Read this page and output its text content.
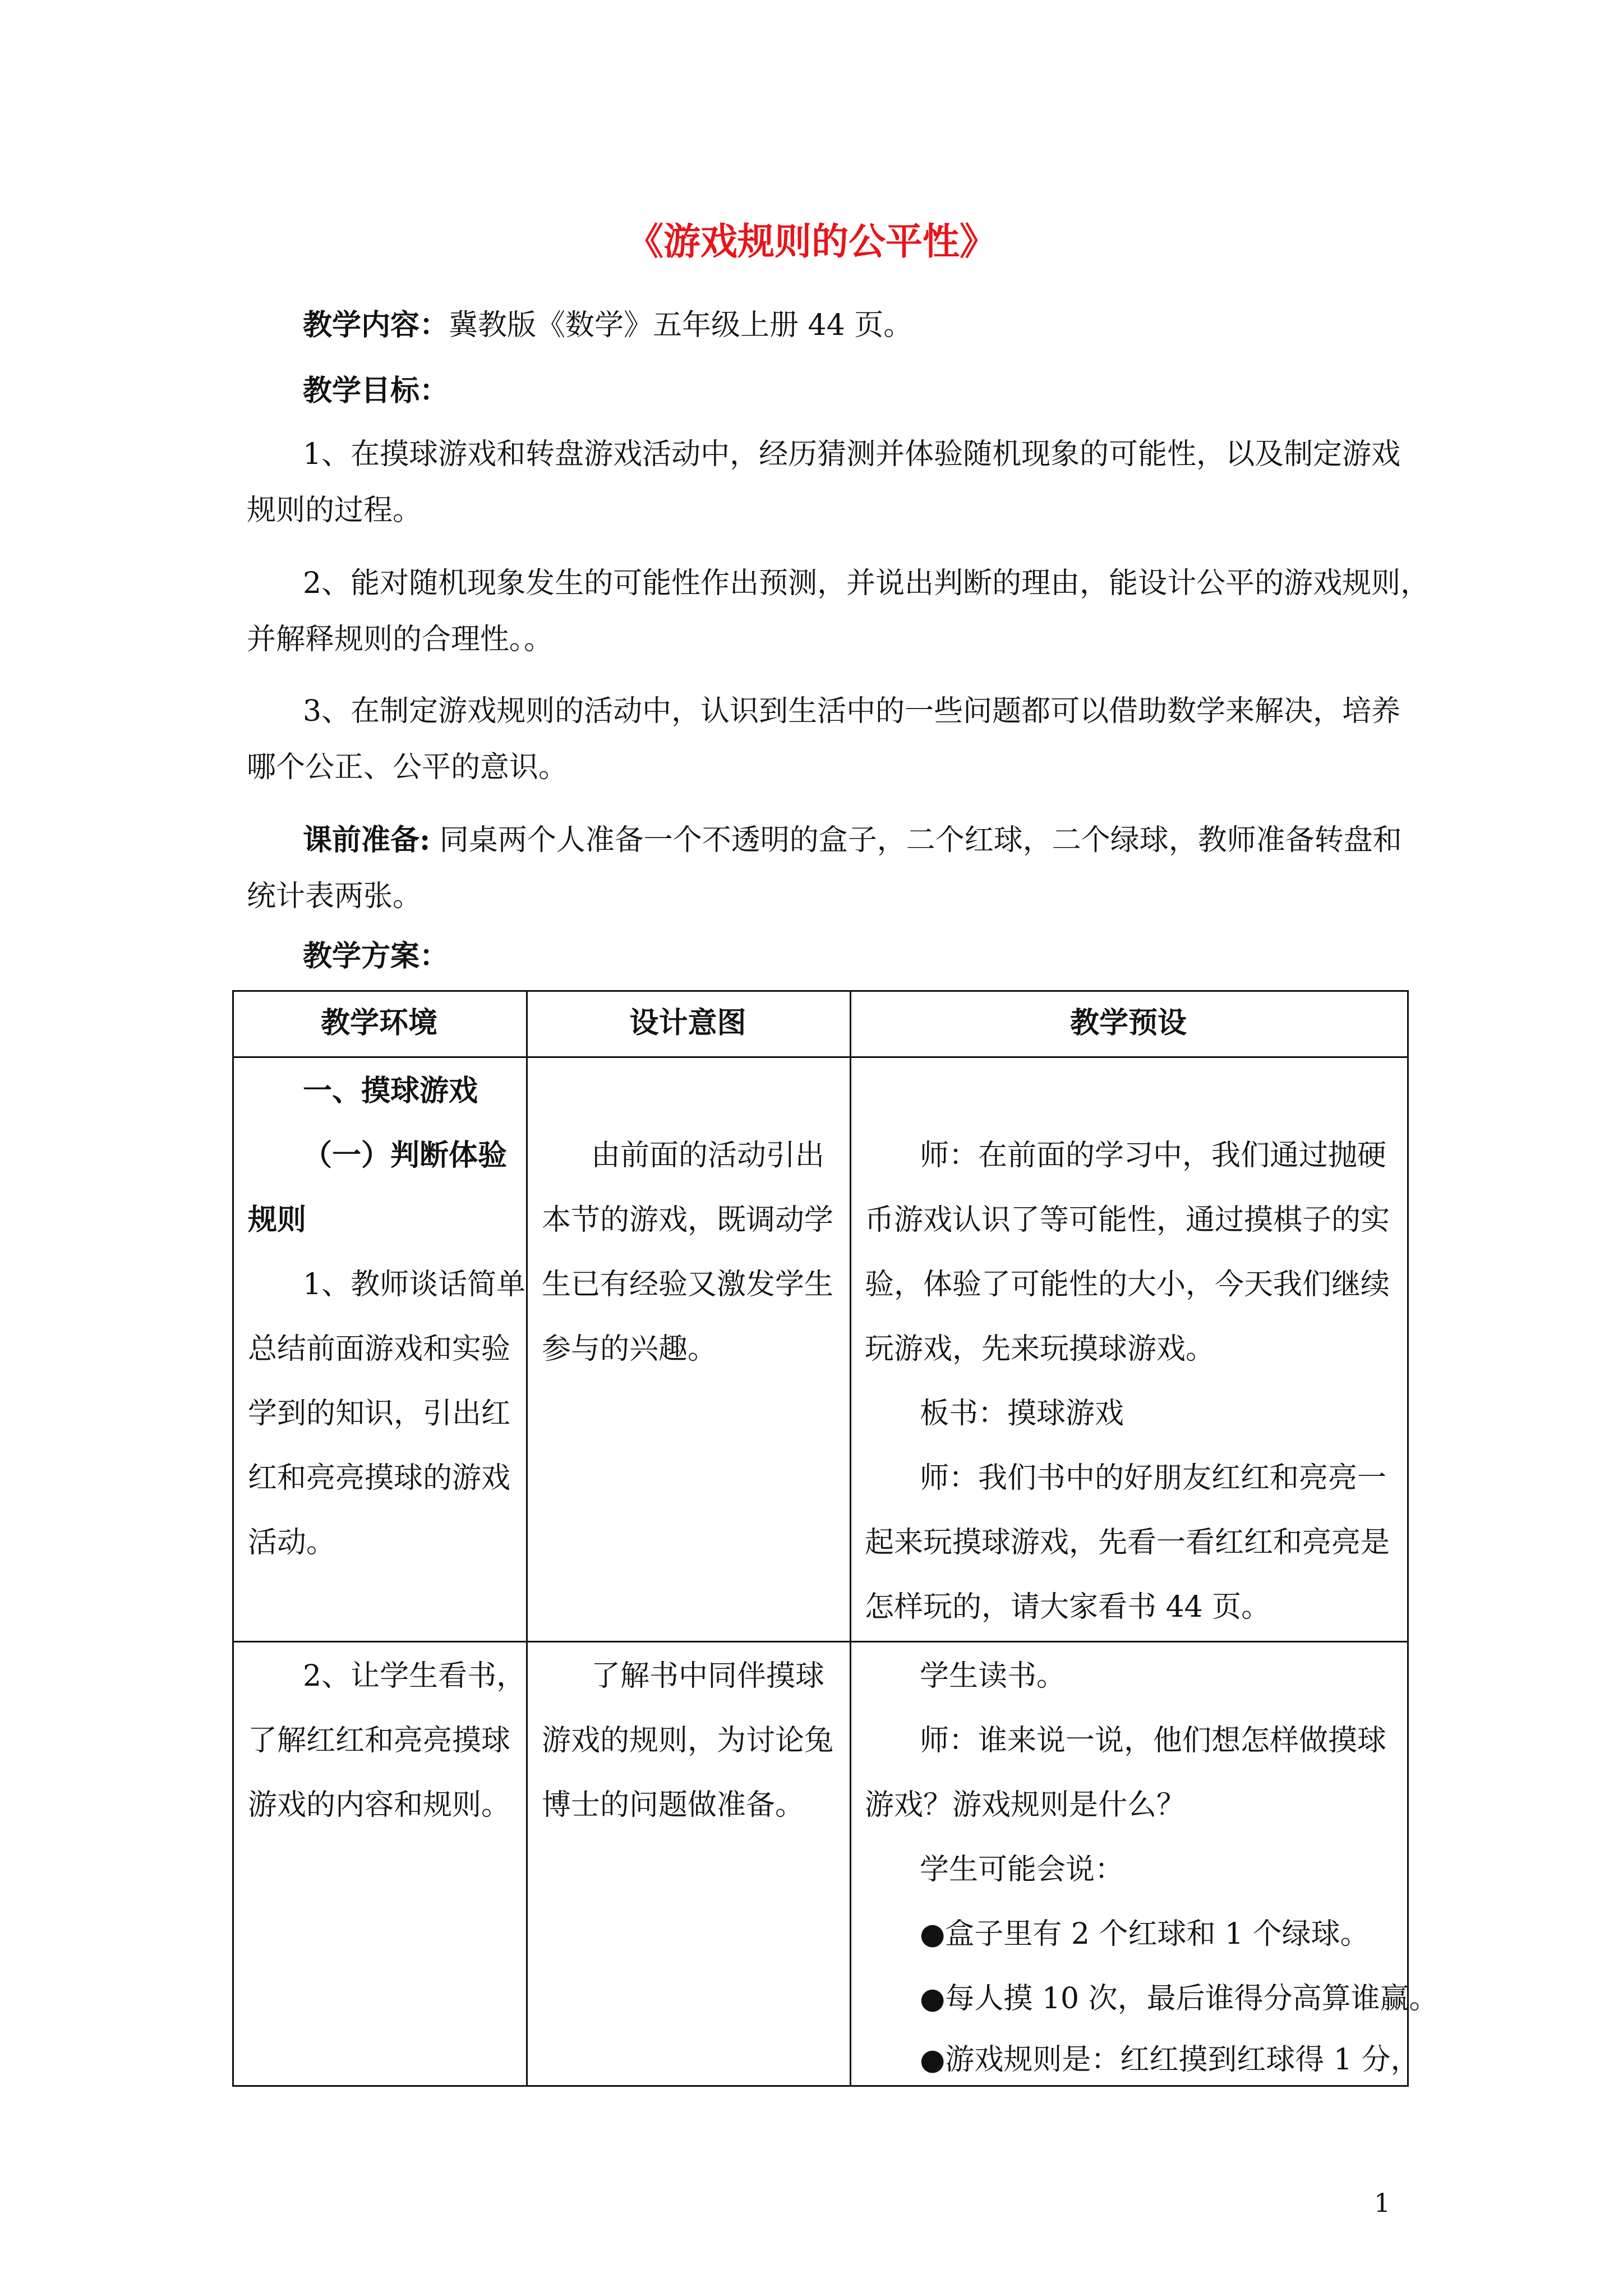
《游戏规则的公平性》
教学内容：冀教版《数学》五年级上册 44 页。
教学目标：
1、在摸球游戏和转盘游戏活动中，经历猜测并体验随机现象的可能性，以及制定游戏
规则的过程。
2、能对随机现象发生的可能性作出预测，并说出判断的理由，能设计公平的游戏规则，
并解释规则的合理性。。
3、在制定游戏规则的活动中，认识到生活中的一些问题都可以借助数学来解决，培养
哪个公正、公平的意识。
课前准备: 同桌两个人准备一个不透明的盒子，二个红球，二个绿球，教师准备转盘和
统计表两张。
教学方案：
教学环境	设计意图	教学预设
一、摸球游戏
（一）判断体验
规则
1、教师谈话简单
总结前面游戏和实验
学到的知识，引出红
红和亮亮摸球的游戏
活动。
由前面的活动引出
本节的游戏，既调动学
生已有经验又激发学生
参与的兴趣。
师：在前面的学习中，我们通过抛硬
币游戏认识了等可能性，通过摸棋子的实
验，体验了可能性的大小，今天我们继续
玩游戏，先来玩摸球游戏。
板书：摸球游戏
师：我们书中的好朋友红红和亮亮一
起来玩摸球游戏，先看一看红红和亮亮是
怎样玩的，请大家看书 44 页。
2、让学生看书，
了解红红和亮亮摸球
游戏的内容和规则。
了解书中同伴摸球
游戏的规则，为讨论兔
博士的问题做准备。
学生读书。
师：谁来说一说，他们想怎样做摸球
游戏？游戏规则是什么？
学生可能会说：
●盒子里有 2 个红球和 1 个绿球。
●每人摸 10 次，最后谁得分高算谁赢。
●游戏规则是：红红摸到红球得 1 分，
1
